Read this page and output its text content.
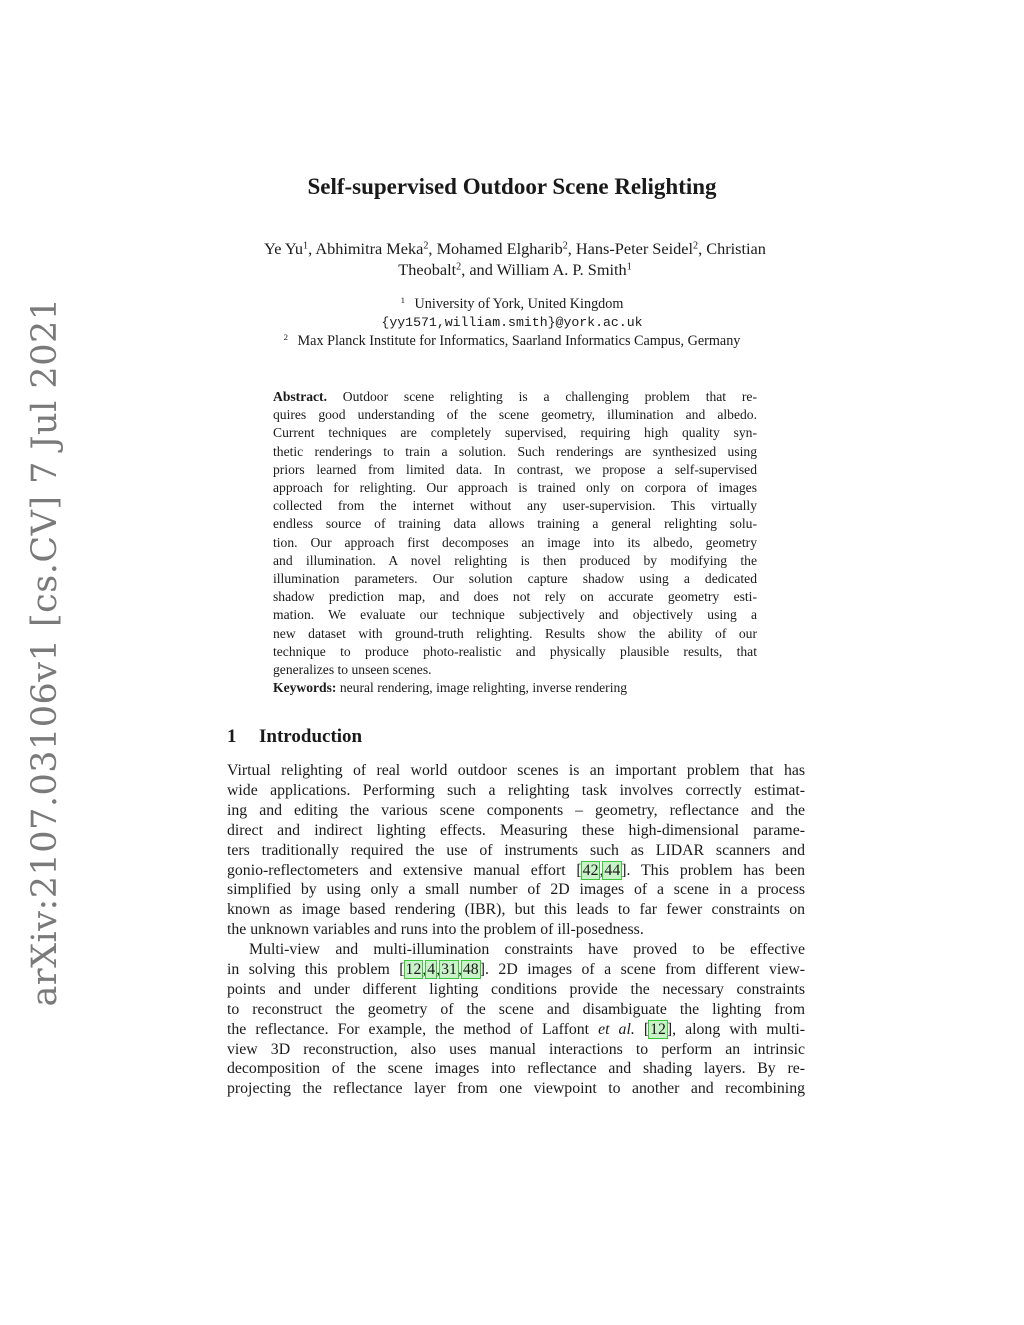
arXiv:2107.03106v1 [cs.CV] 7 Jul 2021
Self-supervised Outdoor Scene Relighting
Ye Yu$^1$, Abhimitra Meka$^2$, Mohamed Elgharib$^2$, Hans-Peter Seidel$^2$, Christian
Theobalt$^2$, and William A. P. Smith$^1$
$^1$ University of York, United Kingdom
{yy1571,william.smith}@york.ac.uk
$^2$ Max Planck Institute for Informatics, Saarland Informatics Campus, Germany
Abstract. Outdoor scene relighting is a challenging problem that re-
quires good understanding of the scene geometry, illumination and albedo.
Current techniques are completely supervised, requiring high quality syn-
thetic renderings to train a solution. Such renderings are synthesized using
priors learned from limited data. In contrast, we propose a self-supervised
approach for relighting. Our approach is trained only on corpora of images
collected from the internet without any user-supervision. This virtually
endless source of training data allows training a general relighting solu-
tion. Our approach first decomposes an image into its albedo, geometry
and illumination. A novel relighting is then produced by modifying the
illumination parameters. Our solution capture shadow using a dedicated
shadow prediction map, and does not rely on accurate geometry esti-
mation. We evaluate our technique subjectively and objectively using a
new dataset with ground-truth relighting. Results show the ability of our
technique to produce photo-realistic and physically plausible results, that
generalizes to unseen scenes.
Keywords: neural rendering, image relighting, inverse rendering
1 Introduction
Virtual relighting of real world outdoor scenes is an important problem that has
wide applications. Performing such a relighting task involves correctly estimat-
ing and editing the various scene components – geometry, reflectance and the
direct and indirect lighting effects. Measuring these high-dimensional parame-
ters traditionally required the use of instruments such as LIDAR scanners and
gonio-reflectometers and extensive manual effort [42,44]. This problem has been
simplified by using only a small number of 2D images of a scene in a process
known as image based rendering (IBR), but this leads to far fewer constraints on
the unknown variables and runs into the problem of ill-posedness.
Multi-view and multi-illumination constraints have proved to be effective
in solving this problem [12,4,31,48]. 2D images of a scene from different view-
points and under different lighting conditions provide the necessary constraints
to reconstruct the geometry of the scene and disambiguate the lighting from
the reflectance. For example, the method of Laffont et al. [12], along with multi-
view 3D reconstruction, also uses manual interactions to perform an intrinsic
decomposition of the scene images into reflectance and shading layers. By re-
projecting the reflectance layer from one viewpoint to another and recombining
